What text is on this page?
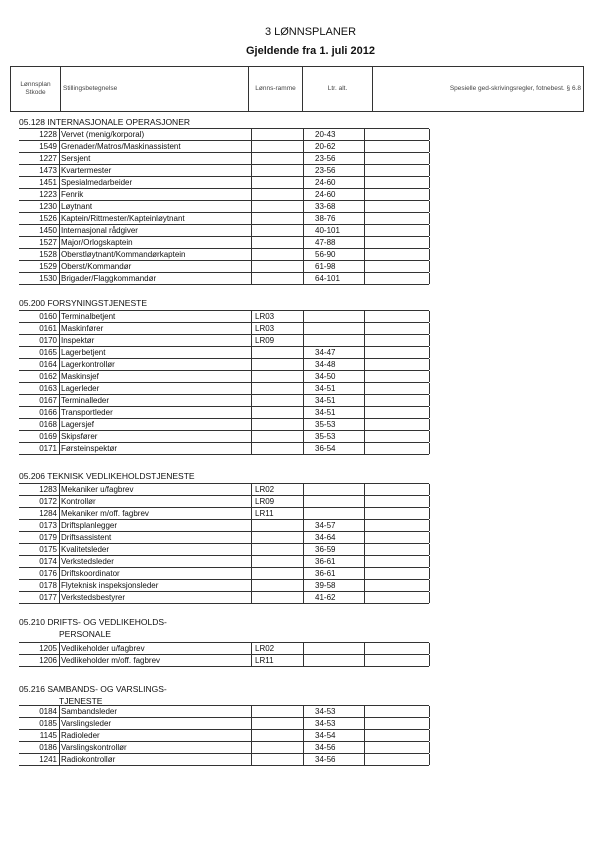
3 LØNNSPLANER
Gjeldende fra 1. juli 2012
Lønnsplan Stkode
Stillingsbetegnelse	Lønns-ramme	Ltr. alt.	Spesielle ged-skrivingsregler, fotnebest. § 6.8
05.128 INTERNASJONALE OPERASJONER
1228 Vervet (menig/korporal)	20-43
1549 Grenader/Matros/Maskinassistent	20-62
1227 Sersjent	23-56
1473 Kvartermester	23-56
1451 Spesialmedarbeider	24-60
1223 Fenrik	24-60
1230 Løytnant	33-68
1526 Kaptein/Rittmester/Kapteinløytnant	38-76
1450 Internasjonal rådgiver	40-101
1527 Major/Orlogskaptein	47-88
1528 Oberstløytnant/Kommandørkaptein	56-90
1529 Oberst/Kommandør	61-98
1530 Brigader/Flaggkommandør	64-101
05.200 FORSYNINGSTJENESTE
0160 Terminalbetjent	LR03
0161 Maskinfører	LR03
0170 Inspektør	LR09
0165 Lagerbetjent	34-47
0164 Lagerkontrollør	34-48
0162 Maskinsjef	34-50
0163 Lagerleder	34-51
0167 Terminalleder	34-51
0166 Transportleder	34-51
0168 Lagersjef	35-53
0169 Skipsfører	35-53
0171 Førsteinspektør	36-54
05.206 TEKNISK VEDLIKEHOLDSTJENESTE
1283 Mekaniker u/fagbrev	LR02
0172 Kontrollør	LR09
1284 Mekaniker m/off. fagbrev	LR11
0173 Driftsplanlegger	34-57
0179 Driftsassistent	34-64
0175 Kvalitetsleder	36-59
0174 Verkstedsleder	36-61
0176 Driftskoordinator	36-61
0178 Flyteknisk inspeksjonsleder	39-58
0177 Verkstedsbestyrer	41-62
05.210 DRIFTS- OG VEDLIKEHOLDS-
PERSONALE
1205 Vedlikeholder u/fagbrev	LR02
1206 Vedlikeholder m/off. fagbrev	LR11
05.216 SAMBANDS- OG VARSLINGS-
TJENESTE
0184 Sambandsleder	34-53
0185 Varslingsleder	34-53
1145 Radioleder	34-54
0186 Varslingskontrollør	34-56
1241 Radiokontrollør	34-56
